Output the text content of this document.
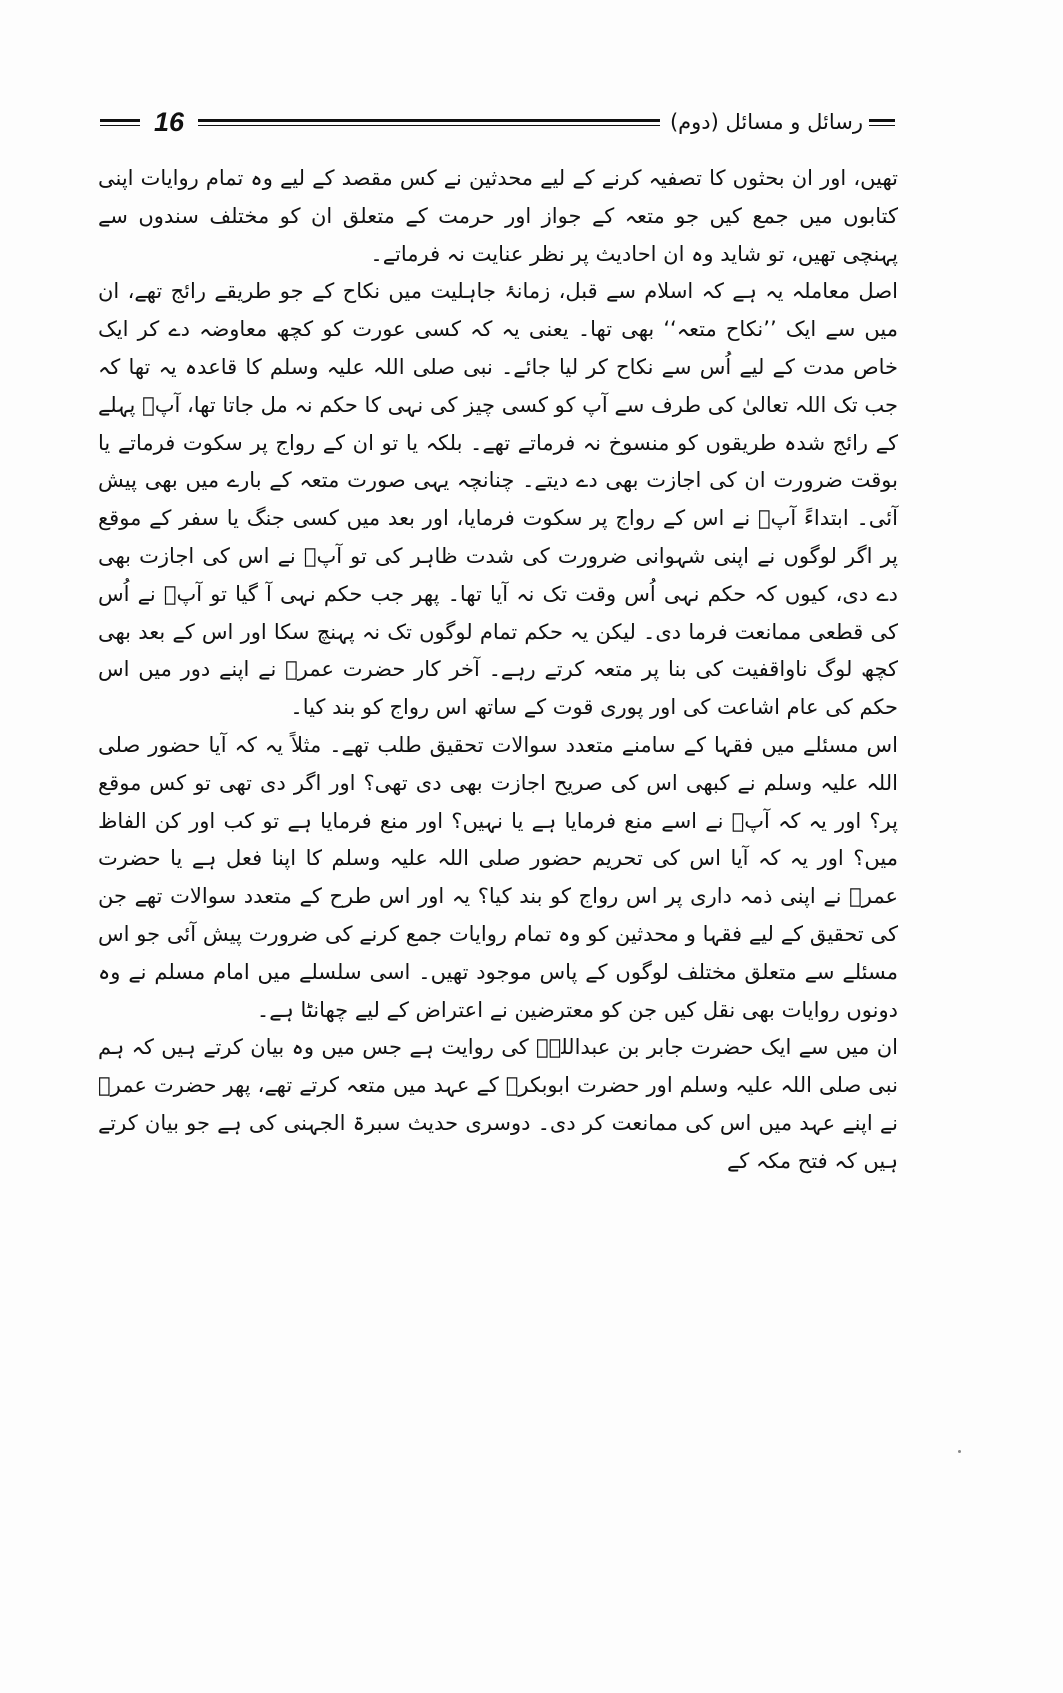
16	رسائل و مسائل (دوم)

تھیں، اور ان بحثوں کا تصفیہ کرنے کے لیے محدثین نے کس مقصد کے لیے وہ تمام روایات اپنی کتابوں میں جمع کیں جو متعہ کے جواز اور حرمت کے متعلق ان کو مختلف سندوں سے پہنچی تھیں، تو شاید وہ ان احادیث پر نظر عنایت نہ فرماتے۔

اصل معاملہ یہ ہے کہ اسلام سے قبل، زمانۂ جاہلیت میں نکاح کے جو طریقے رائج تھے، ان میں سے ایک ’’نکاح متعہ‘‘ بھی تھا۔ یعنی یہ کہ کسی عورت کو کچھ معاوضہ دے کر ایک خاص مدت کے لیے اُس سے نکاح کر لیا جائے۔ نبی صلی اللہ علیہ وسلم کا قاعدہ یہ تھا کہ جب تک اللہ تعالیٰ کی طرف سے آپ کو کسی چیز کی نہی کا حکم نہ مل جاتا تھا، آپؐ پہلے کے رائج شدہ طریقوں کو منسوخ نہ فرماتے تھے۔ بلکہ یا تو ان کے رواج پر سکوت فرماتے یا بوقت ضرورت ان کی اجازت بھی دے دیتے۔ چنانچہ یہی صورت متعہ کے بارے میں بھی پیش آئی۔ ابتداءً آپؐ نے اس کے رواج پر سکوت فرمایا، اور بعد میں کسی جنگ یا سفر کے موقع پر اگر لوگوں نے اپنی شہوانی ضرورت کی شدت ظاہر کی تو آپؐ نے اس کی اجازت بھی دے دی، کیوں کہ حکم نہی اُس وقت تک نہ آیا تھا۔ پھر جب حکم نہی آ گیا تو آپؐ نے اُس کی قطعی ممانعت فرما دی۔ لیکن یہ حکم تمام لوگوں تک نہ پہنچ سکا اور اس کے بعد بھی کچھ لوگ ناواقفیت کی بنا پر متعہ کرتے رہے۔ آخر کار حضرت عمرؓ نے اپنے دور میں اس حکم کی عام اشاعت کی اور پوری قوت کے ساتھ اس رواج کو بند کیا۔

اس مسئلے میں فقہا کے سامنے متعدد سوالات تحقیق طلب تھے۔ مثلاً یہ کہ آیا حضور صلی اللہ علیہ وسلم نے کبھی اس کی صریح اجازت بھی دی تھی؟ اور اگر دی تھی تو کس موقع پر؟ اور یہ کہ آپؐ نے اسے منع فرمایا ہے یا نہیں؟ اور منع فرمایا ہے تو کب اور کن الفاظ میں؟ اور یہ کہ آیا اس کی تحریم حضور صلی اللہ علیہ وسلم کا اپنا فعل ہے یا حضرت عمرؓ نے اپنی ذمہ داری پر اس رواج کو بند کیا؟ یہ اور اس طرح کے متعدد سوالات تھے جن کی تحقیق کے لیے فقہا و محدثین کو وہ تمام روایات جمع کرنے کی ضرورت پیش آئی جو اس مسئلے سے متعلق مختلف لوگوں کے پاس موجود تھیں۔ اسی سلسلے میں امام مسلم نے وہ دونوں روایات بھی نقل کیں جن کو معترضین نے اعتراض کے لیے چھانٹا ہے۔

ان میں سے ایک حضرت جابر بن عبداللہؓ کی روایت ہے جس میں وہ بیان کرتے ہیں کہ ہم نبی صلی اللہ علیہ وسلم اور حضرت ابوبکرؓ کے عہد میں متعہ کرتے تھے، پھر حضرت عمرؓ نے اپنے عہد میں اس کی ممانعت کر دی۔ دوسری حدیث سبرۃ الجہنی کی ہے جو بیان کرتے ہیں کہ فتح مکہ کے
